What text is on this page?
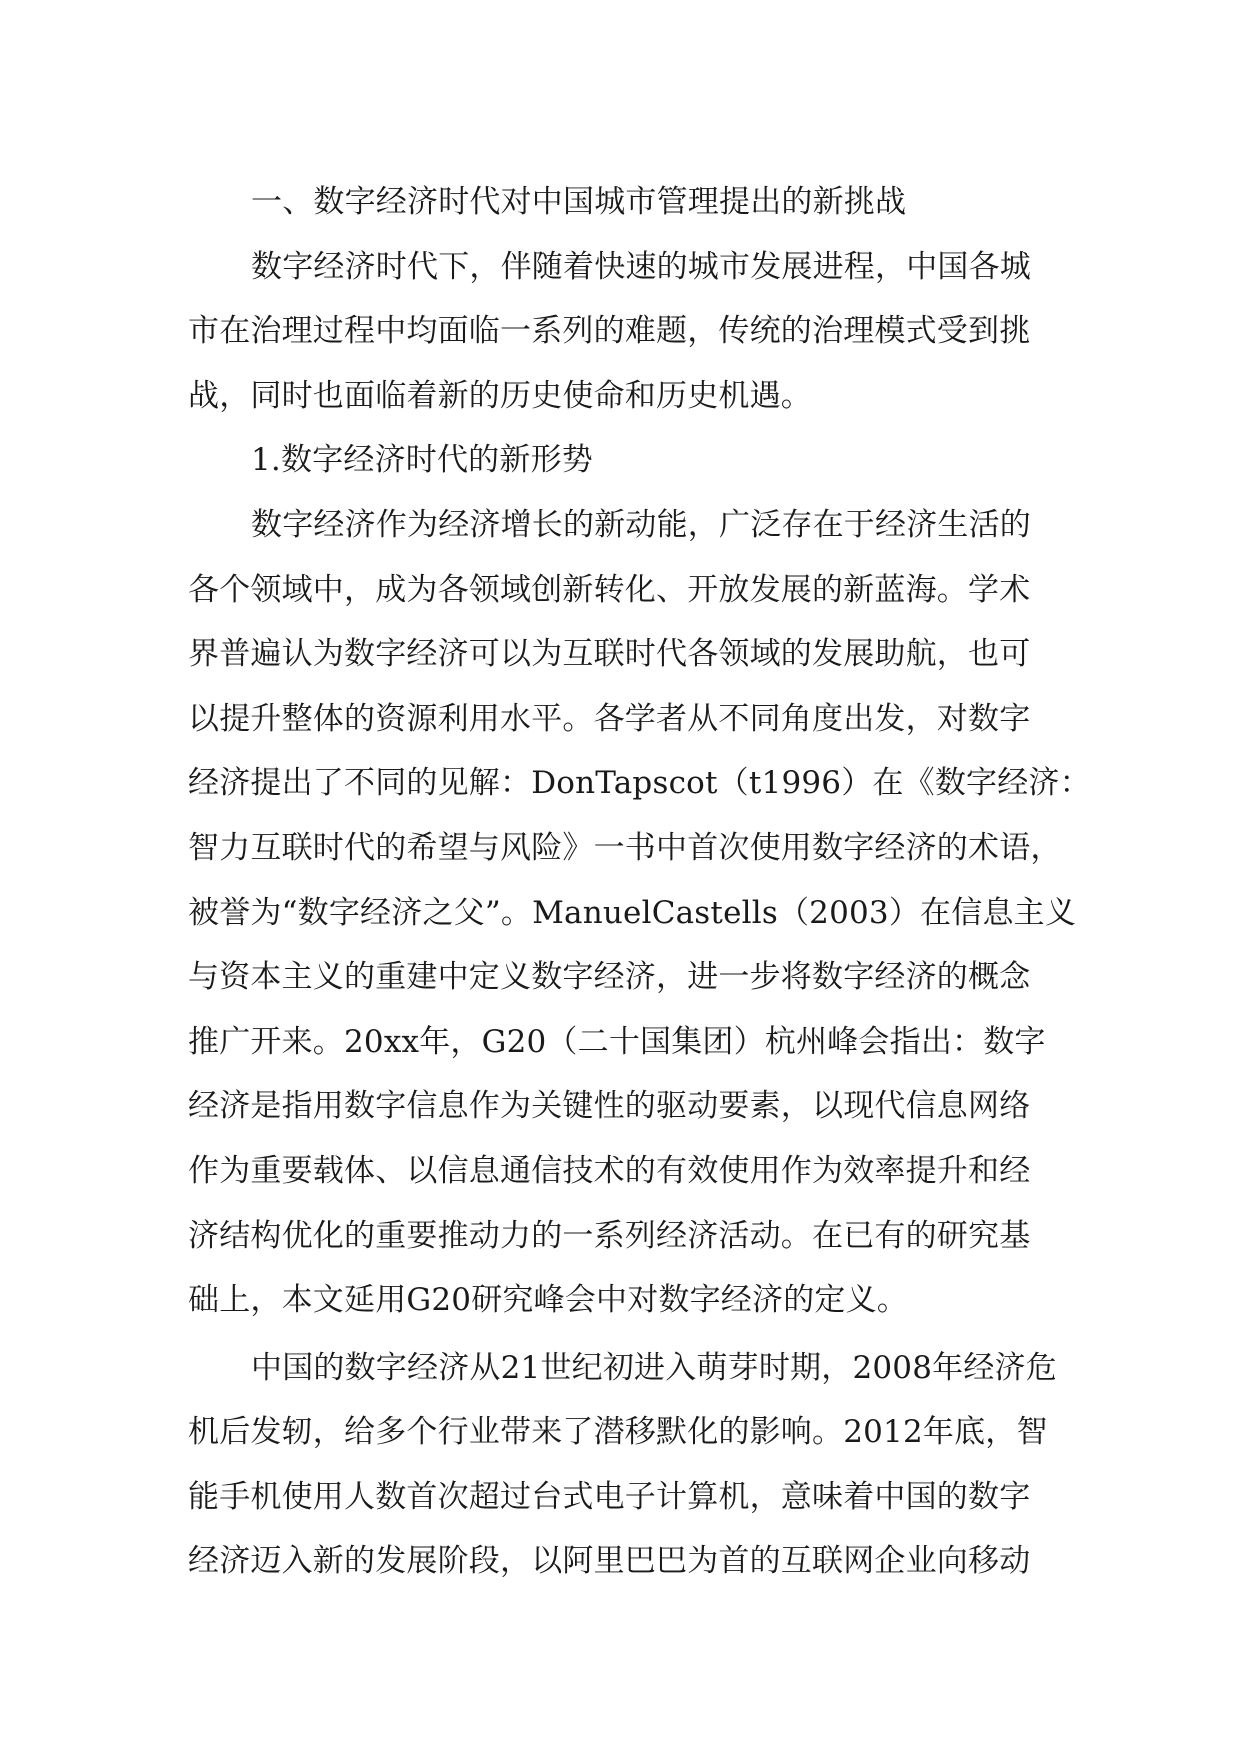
一、数字经济时代对中国城市管理提出的新挑战
数字经济时代下，伴随着快速的城市发展进程，中国各城
市在治理过程中均面临一系列的难题，传统的治理模式受到挑
战，同时也面临着新的历史使命和历史机遇。
1.数字经济时代的新形势
数字经济作为经济增长的新动能，广泛存在于经济生活的
各个领域中，成为各领域创新转化、开放发展的新蓝海。学术
界普遍认为数字经济可以为互联时代各领域的发展助航，也可
以提升整体的资源利用水平。各学者从不同角度出发，对数字
经济提出了不同的见解：DonTapscot（t1996）在《数字经济：
智力互联时代的希望与风险》一书中首次使用数字经济的术语，
被誉为“数字经济之父”。ManuelCastells（2003）在信息主义
与资本主义的重建中定义数字经济，进一步将数字经济的概念
推广开来。20xx年，G20（二十国集团）杭州峰会指出：数字
经济是指用数字信息作为关键性的驱动要素，以现代信息网络
作为重要载体、以信息通信技术的有效使用作为效率提升和经
济结构优化的重要推动力的一系列经济活动。在已有的研究基
础上，本文延用G20研究峰会中对数字经济的定义。
中国的数字经济从21世纪初进入萌芽时期，2008年经济危
机后发轫，给多个行业带来了潜移默化的影响。2012年底，智
能手机使用人数首次超过台式电子计算机，意味着中国的数字
经济迈入新的发展阶段，以阿里巴巴为首的互联网企业向移动
